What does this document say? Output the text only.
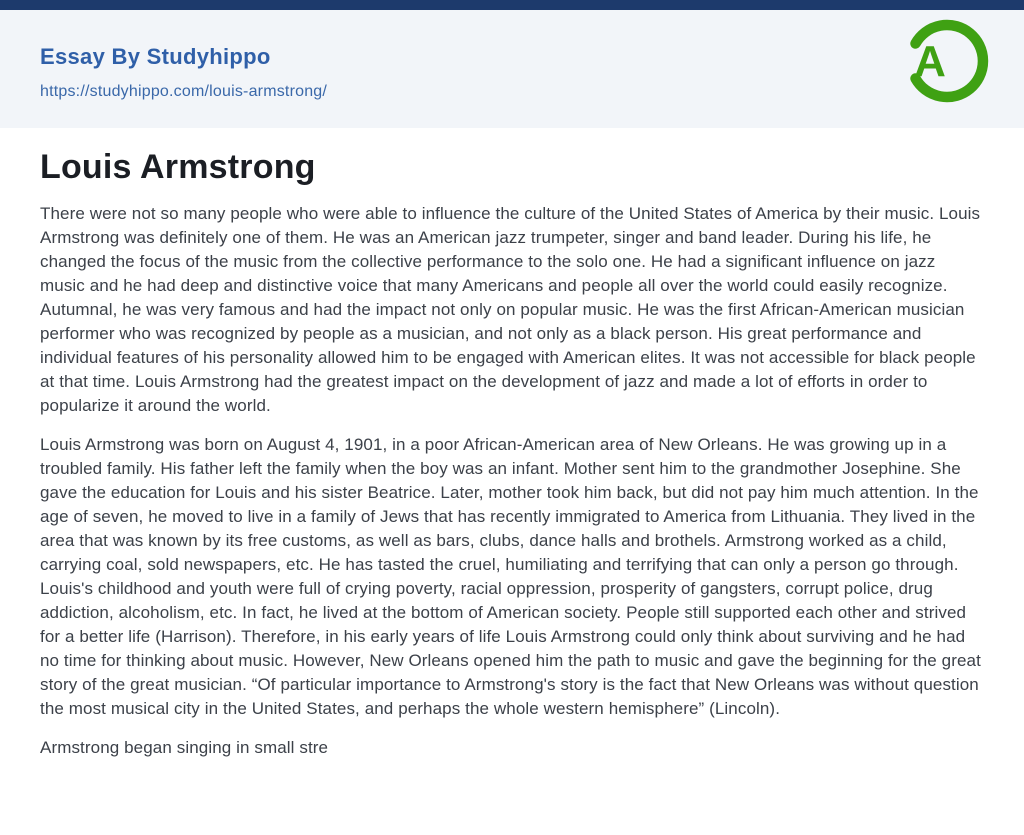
Essay By Studyhippo
https://studyhippo.com/louis-armstrong/
A
Louis Armstrong

There were not so many people who were able to influence the culture of the United States of America by their music. Louis Armstrong was definitely one of them. He was an American jazz trumpeter, singer and band leader. During his life, he changed the focus of the music from the collective performance to the solo one. He had a significant influence on jazz music and he had deep and distinctive voice that many Americans and people all over the world could easily recognize. Autumnal, he was very famous and had the impact not only on popular music. He was the first African-American musician performer who was recognized by people as a musician, and not only as a black person. His great performance and individual features of his personality allowed him to be engaged with American elites. It was not accessible for black people at that time. Louis Armstrong had the greatest impact on the development of jazz and made a lot of efforts in order to popularize it around the world.

Louis Armstrong was born on August 4, 1901, in a poor African-American area of New Orleans. He was growing up in a troubled family. His father left the family when the boy was an infant. Mother sent him to the grandmother Josephine. She gave the education for Louis and his sister Beatrice. Later, mother took him back, but did not pay him much attention. In the age of seven, he moved to live in a family of Jews that has recently immigrated to America from Lithuania. They lived in the area that was known by its free customs, as well as bars, clubs, dance halls and brothels. Armstrong worked as a child, carrying coal, sold newspapers, etc. He has tasted the cruel, humiliating and terrifying that can only a person go through. Louis's childhood and youth were full of crying poverty, racial oppression, prosperity of gangsters, corrupt police, drug addiction, alcoholism, etc. In fact, he lived at the bottom of American society. People still supported each other and strived for a better life (Harrison). Therefore, in his early years of life Louis Armstrong could only think about surviving and he had no time for thinking about music. However, New Orleans opened him the path to music and gave the beginning for the great story of the great musician. “Of particular importance to Armstrong's story is the fact that New Orleans was without question the most musical city in the United States, and perhaps the whole western hemisphere” (Lincoln).

Armstrong began singing in small stre
